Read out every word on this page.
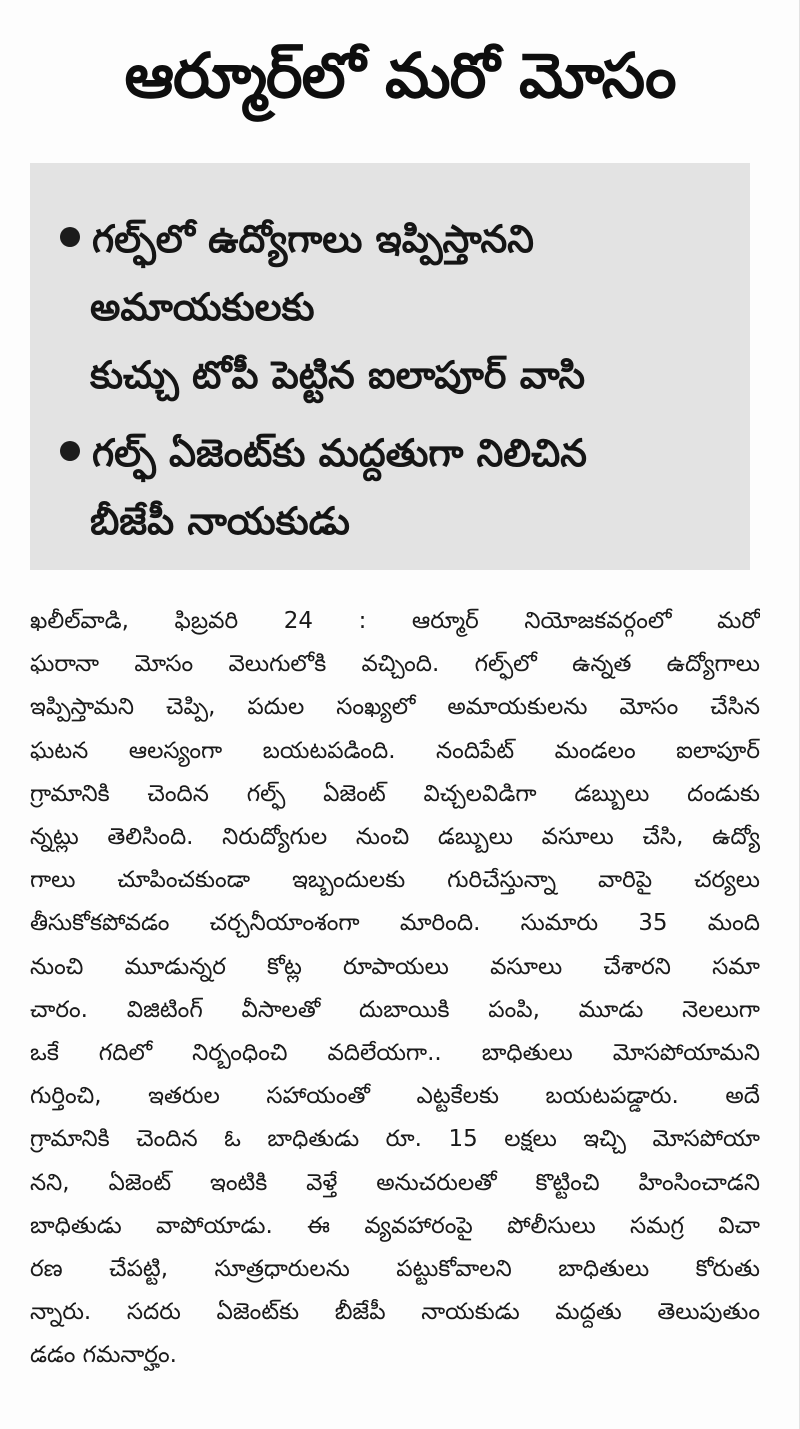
ఆర్మూర్‌లో మరో మోసం
గల్ఫ్‌లో ఉద్యోగాలు ఇప్పిస్తానని
అమాయకులకు
కుచ్చు టోపీ పెట్టిన ఐలాపూర్ వాసి
గల్ఫ్ ఏజెంట్‌కు మద్దతుగా నిలిచిన
బీజేపీ నాయకుడు
ఖలీల్‌వాడి, ఫిబ్రవరి 24 : ఆర్మూర్ నియోజకవర్గంలో మరో
ఘరానా మోసం వెలుగులోకి వచ్చింది. గల్ఫ్‌లో ఉన్నత ఉద్యోగాలు
ఇప్పిస్తామని చెప్పి, పదుల సంఖ్యలో అమాయకులను మోసం చేసిన
ఘటన ఆలస్యంగా బయటపడింది. నందిపేట్ మండలం ఐలాపూర్
గ్రామానికి చెందిన గల్ఫ్ ఏజెంట్ విచ్చలవిడిగా డబ్బులు దండుకు
న్నట్లు తెలిసింది. నిరుద్యోగుల నుంచి డబ్బులు వసూలు చేసి, ఉద్యో
గాలు చూపించకుండా ఇబ్బందులకు గురిచేస్తున్నా వారిపై చర్యలు
తీసుకోకపోవడం చర్చనీయాంశంగా మారింది. సుమారు 35 మంది
నుంచి మూడున్నర కోట్ల రూపాయలు వసూలు చేశారని సమా
చారం. విజిటింగ్ వీసాలతో దుబాయికి పంపి, మూడు నెలలుగా
ఒకే గదిలో నిర్బంధించి వదిలేయగా.. బాధితులు మోసపోయామని
గుర్తించి, ఇతరుల సహాయంతో ఎట్టకేలకు బయటపడ్డారు. అదే
గ్రామానికి చెందిన ఓ బాధితుడు రూ. 15 లక్షలు ఇచ్చి మోసపోయా
నని, ఏజెంట్ ఇంటికి వెళ్తే అనుచరులతో కొట్టించి హింసించాడని
బాధితుడు వాపోయాడు. ఈ వ్యవహారంపై పోలీసులు సమగ్ర విచా
రణ చేపట్టి, సూత్రధారులను పట్టుకోవాలని బాధితులు కోరుతు
న్నారు. సదరు ఏజెంట్‌కు బీజేపీ నాయకుడు మద్దతు తెలుపుతుం
డడం గమనార్హం.
